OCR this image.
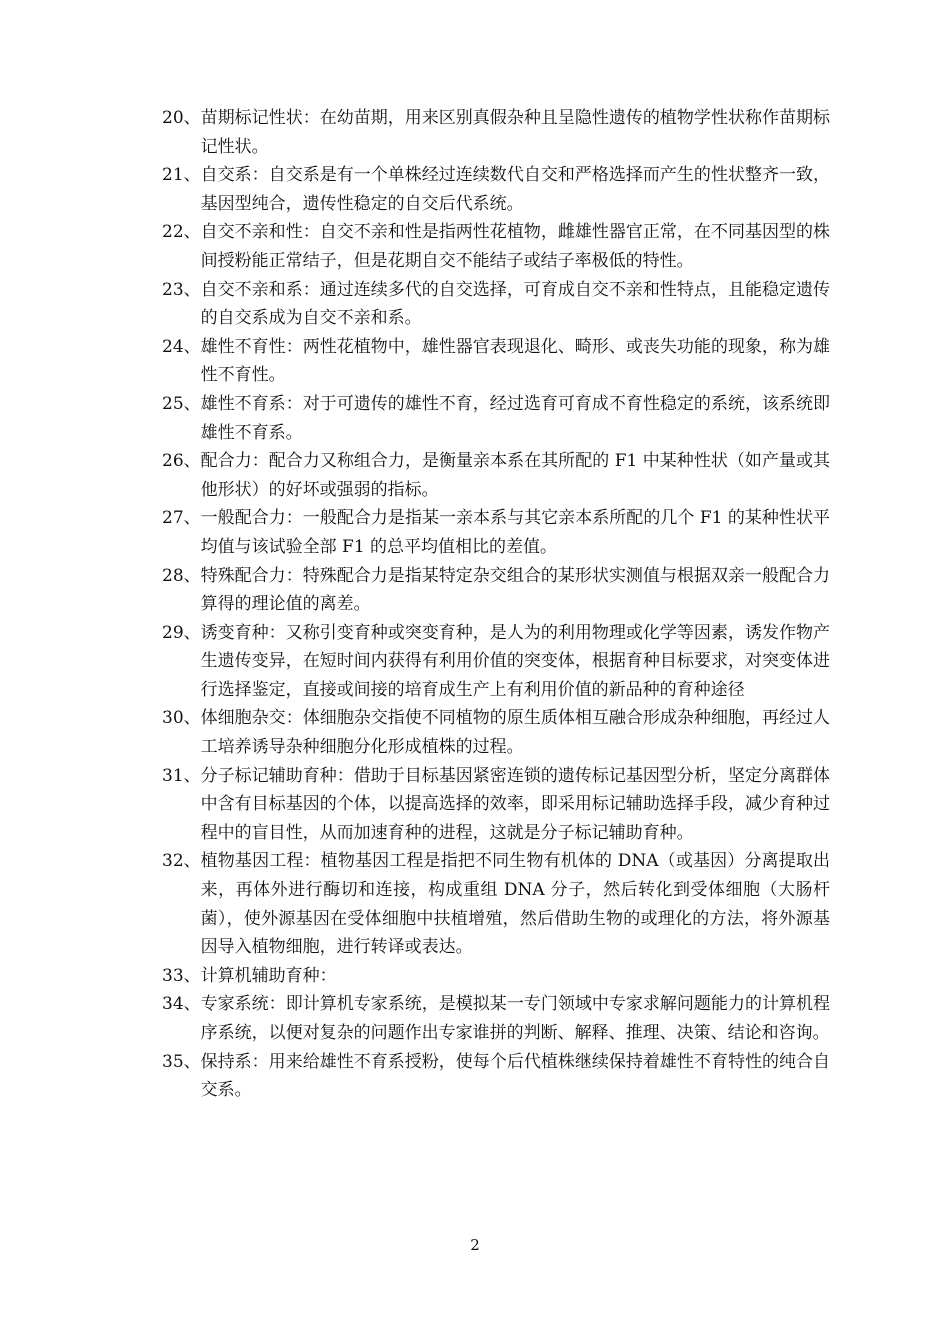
20、 苗期标记性状：在幼苗期，用来区别真假杂种且呈隐性遗传的植物学性状称作苗期标记性状。
21、 自交系：自交系是有一个单株经过连续数代自交和严格选择而产生的性状整齐一致，基因型纯合，遗传性稳定的自交后代系统。
22、 自交不亲和性：自交不亲和性是指两性花植物，雌雄性器官正常，在不同基因型的株间授粉能正常结子，但是花期自交不能结子或结子率极低的特性。
23、 自交不亲和系：通过连续多代的自交选择，可育成自交不亲和性特点，且能稳定遗传的自交系成为自交不亲和系。
24、 雄性不育性：两性花植物中，雄性器官表现退化、畸形、或丧失功能的现象，称为雄性不育性。
25、 雄性不育系：对于可遗传的雄性不育，经过选育可育成不育性稳定的系统，该系统即雄性不育系。
26、 配合力：配合力又称组合力，是衡量亲本系在其所配的 F1 中某种性状（如产量或其他形状）的好坏或强弱的指标。
27、 一般配合力：一般配合力是指某一亲本系与其它亲本系所配的几个 F1 的某种性状平均值与该试验全部 F1 的总平均值相比的差值。
28、 特殊配合力：特殊配合力是指某特定杂交组合的某形状实测值与根据双亲一般配合力算得的理论值的离差。
29、 诱变育种：又称引变育种或突变育种，是人为的利用物理或化学等因素，诱发作物产生遗传变异，在短时间内获得有利用价值的突变体，根据育种目标要求，对突变体进行选择鉴定，直接或间接的培育成生产上有利用价值的新品种的育种途径
30、 体细胞杂交：体细胞杂交指使不同植物的原生质体相互融合形成杂种细胞，再经过人工培养诱导杂种细胞分化形成植株的过程。
31、 分子标记辅助育种：借助于目标基因紧密连锁的遗传标记基因型分析，坚定分离群体中含有目标基因的个体，以提高选择的效率，即采用标记辅助选择手段，减少育种过程中的盲目性，从而加速育种的进程，这就是分子标记辅助育种。
32、 植物基因工程：植物基因工程是指把不同生物有机体的 DNA（或基因）分离提取出来，再体外进行酶切和连接，构成重组 DNA 分子，然后转化到受体细胞（大肠杆菌），使外源基因在受体细胞中扶植增殖，然后借助生物的或理化的方法，将外源基因导入植物细胞，进行转译或表达。
33、 计算机辅助育种：
34、 专家系统：即计算机专家系统，是模拟某一专门领域中专家求解问题能力的计算机程序系统，以便对复杂的问题作出专家谁拼的判断、解释、推理、决策、结论和咨询。
35、 保持系：用来给雄性不育系授粉，使每个后代植株继续保持着雄性不育特性的纯合自交系。
2
